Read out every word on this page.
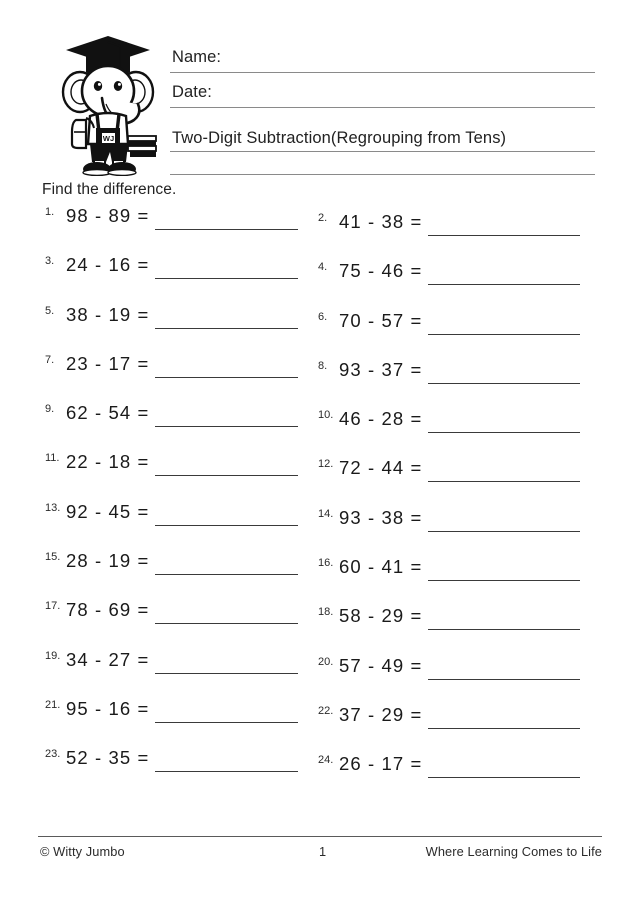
WJ
Name:
Date:
Two-Digit Subtraction(Regrouping from Tens)
Find the difference.
1. 98 - 89 =	2. 41 - 38 =
3. 24 - 16 =	4. 75 - 46 =
5. 38 - 19 =	6. 70 - 57 =
7. 23 - 17 =	8. 93 - 37 =
9. 62 - 54 =	10. 46 - 28 =
11. 22 - 18 =	12. 72 - 44 =
13. 92 - 45 =	14. 93 - 38 =
15. 28 - 19 =	16. 60 - 41 =
17. 78 - 69 =	18. 58 - 29 =
19. 34 - 27 =	20. 57 - 49 =
21. 95 - 16 =	22. 37 - 29 =
23. 52 - 35 =	24. 26 - 17 =
© Witty Jumbo	1	Where Learning Comes to Life
